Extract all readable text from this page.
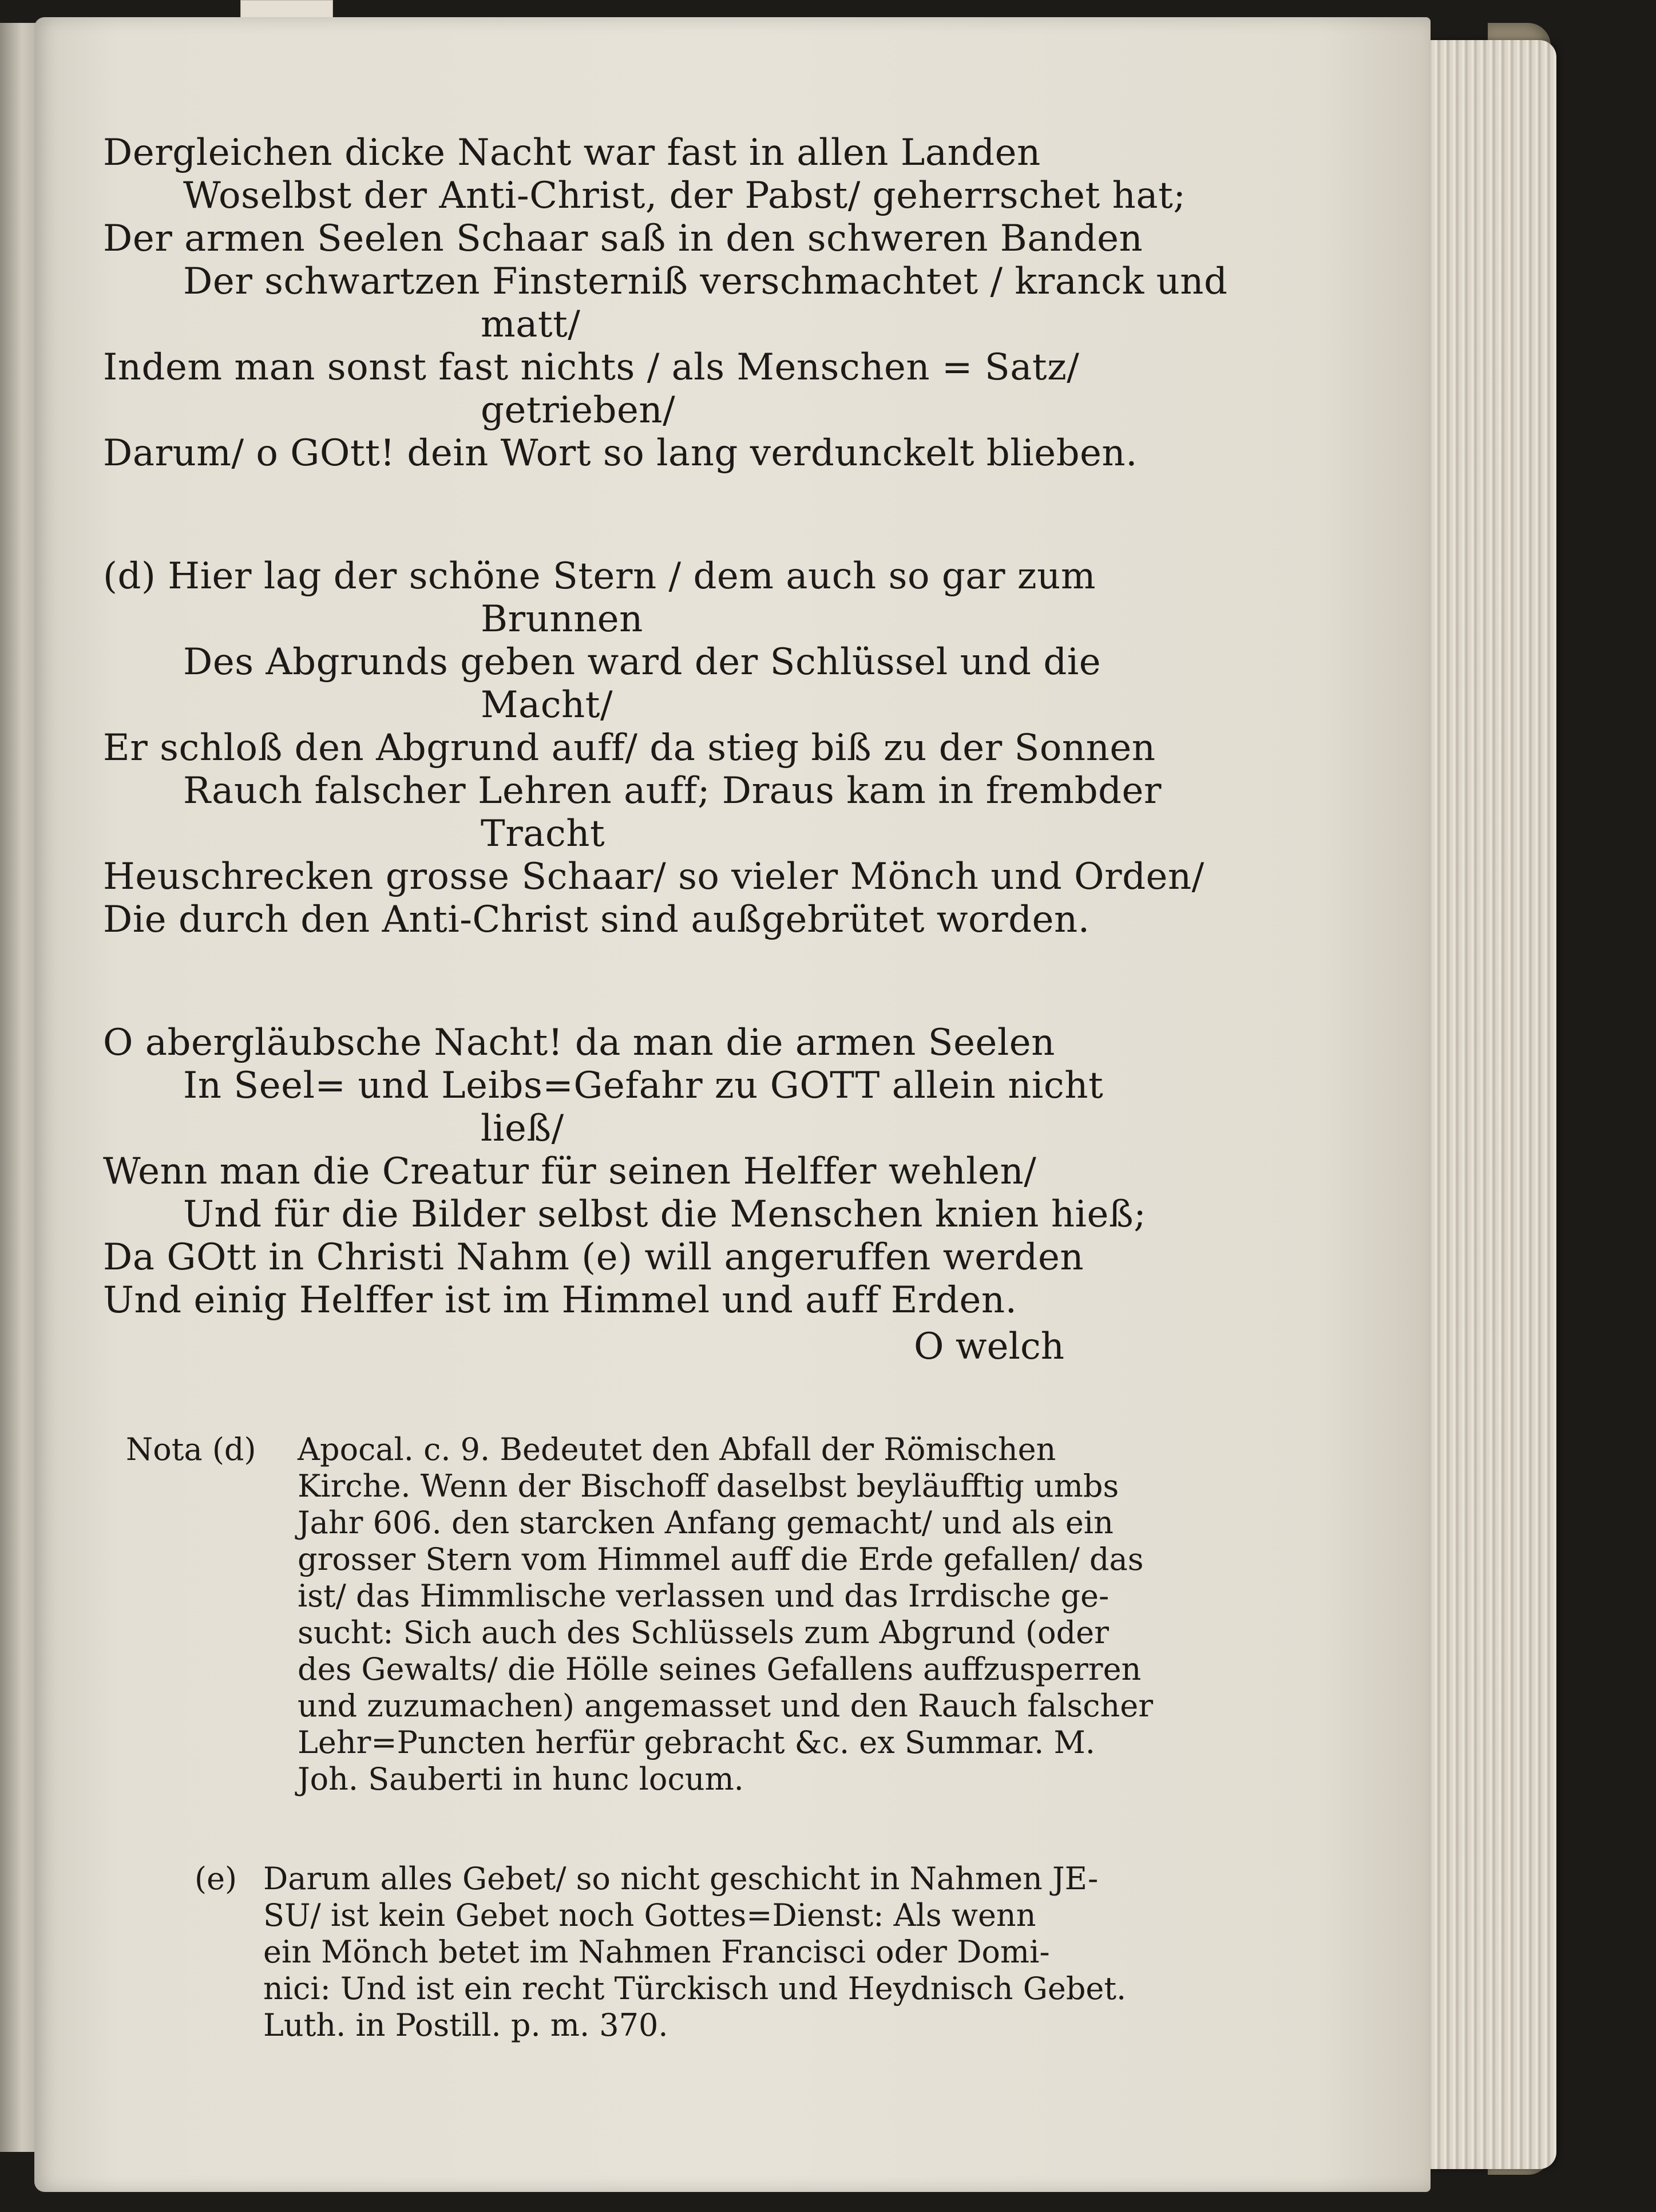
Dergleichen dicke Nacht war fast in allen Landen
Woselbst der Anti-Christ, der Pabst/ geherrschet hat;
Der armen Seelen Schaar saß in den schweren Banden
Der schwartzen Finsterniß verschmachtet / kranck und
matt/
Indem man sonst fast nichts / als Menschen = Satz/
getrieben/
Darum/ o GOtt! dein Wort so lang verdunckelt blieben.
(d) Hier lag der schöne Stern / dem auch so gar zum
Brunnen
Des Abgrunds geben ward der Schlüssel und die
Macht/
Er schloß den Abgrund auff/ da stieg biß zu der Sonnen
Rauch falscher Lehren auff; Draus kam in frembder
Tracht
Heuschrecken grosse Schaar/ so vieler Mönch und Orden/
Die durch den Anti-Christ sind außgebrütet worden.
O abergläubsche Nacht! da man die armen Seelen
In Seel= und Leibs=Gefahr zu GOTT allein nicht
ließ/
Wenn man die Creatur für seinen Helffer wehlen/
Und für die Bilder selbst die Menschen knien hieß;
Da GOtt in Christi Nahm (e) will angeruffen werden
Und einig Helffer ist im Himmel und auff Erden.
O welch
Nota (d) Apocal. c. 9. Bedeutet den Abfall der Römischen
Kirche. Wenn der Bischoff daselbst beyläufftig umbs
Jahr 606. den starcken Anfang gemacht/ und als ein
grosser Stern vom Himmel auff die Erde gefallen/ das
ist/ das Himmlische verlassen und das Irrdische ge-
sucht: Sich auch des Schlüssels zum Abgrund (oder
des Gewalts/ die Hölle seines Gefallens auffzusperren
und zuzumachen) angemasset und den Rauch falscher
Lehr=Puncten herfür gebracht &c. ex Summar. M.
Joh. Sauberti in hunc locum.
(e) Darum alles Gebet/ so nicht geschicht in Nahmen JE-
SU/ ist kein Gebet noch Gottes=Dienst: Als wenn
ein Mönch betet im Nahmen Francisci oder Domi-
nici: Und ist ein recht Türckisch und Heydnisch Gebet.
Luth. in Postill. p. m. 370.
